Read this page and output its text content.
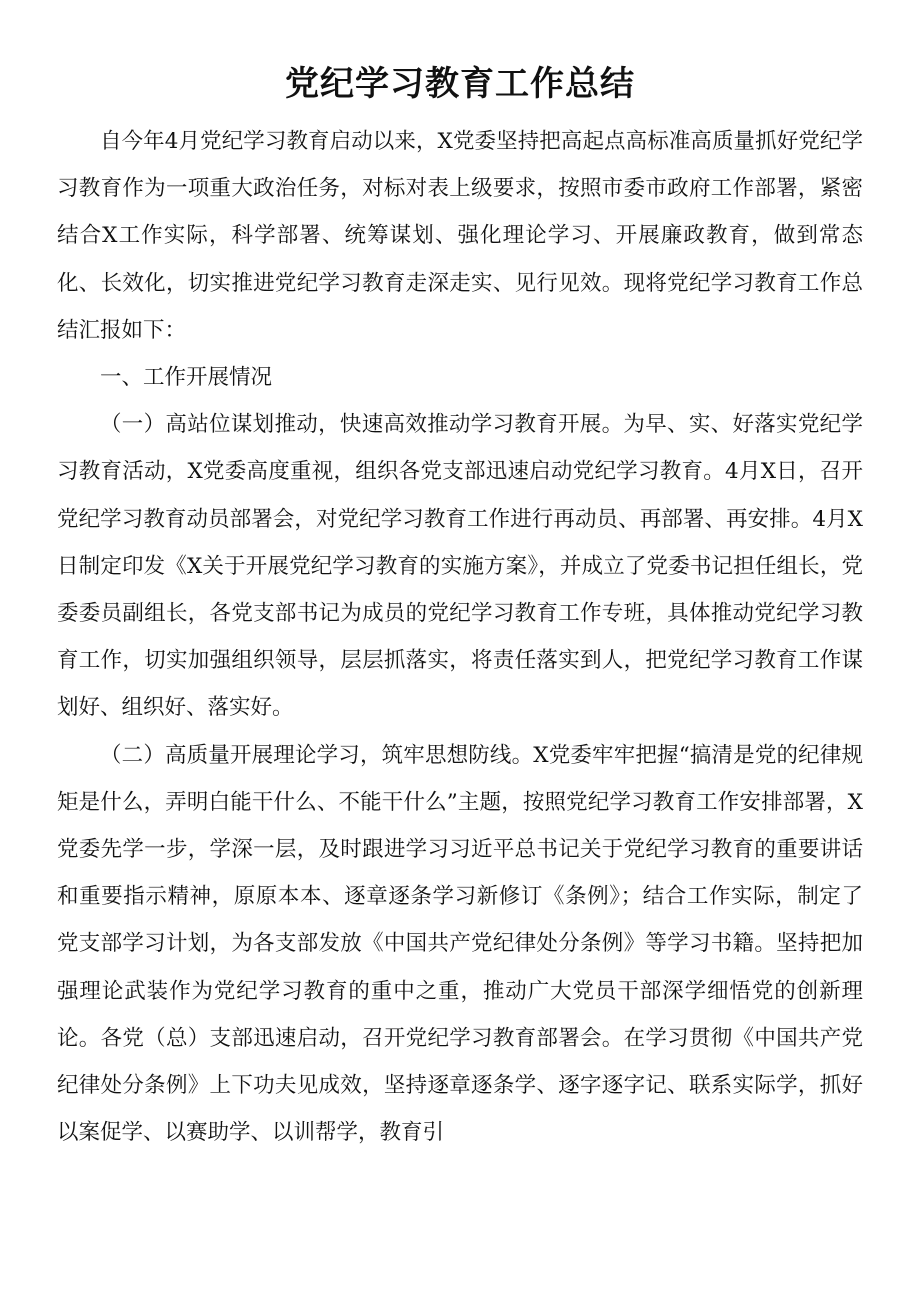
党纪学习教育工作总结

自今年4月党纪学习教育启动以来，X党委坚持把高起点高标准高质量抓好党纪学习教育作为一项重大政治任务，对标对表上级要求，按照市委市政府工作部署，紧密结合X工作实际，科学部署、统筹谋划、强化理论学习、开展廉政教育，做到常态化、长效化，切实推进党纪学习教育走深走实、见行见效。现将党纪学习教育工作总结汇报如下：

一、工作开展情况

（一）高站位谋划推动，快速高效推动学习教育开展。为早、实、好落实党纪学习教育活动，X党委高度重视，组织各党支部迅速启动党纪学习教育。4月X日，召开党纪学习教育动员部署会，对党纪学习教育工作进行再动员、再部署、再安排。4月X日制定印发《X关于开展党纪学习教育的实施方案》，并成立了党委书记担任组长，党委委员副组长，各党支部书记为成员的党纪学习教育工作专班，具体推动党纪学习教育工作，切实加强组织领导，层层抓落实，将责任落实到人，把党纪学习教育工作谋划好、组织好、落实好。

（二）高质量开展理论学习，筑牢思想防线。X党委牢牢把握“搞清是党的纪律规矩是什么，弄明白能干什么、不能干什么”主题，按照党纪学习教育工作安排部署，X党委先学一步，学深一层，及时跟进学习习近平总书记关于党纪学习教育的重要讲话和重要指示精神，原原本本、逐章逐条学习新修订《条例》；结合工作实际，制定了党支部学习计划，为各支部发放《中国共产党纪律处分条例》等学习书籍。坚持把加强理论武装作为党纪学习教育的重中之重，推动广大党员干部深学细悟党的创新理论。各党（总）支部迅速启动，召开党纪学习教育部署会。在学习贯彻《中国共产党纪律处分条例》上下功夫见成效，坚持逐章逐条学、逐字逐字记、联系实际学，抓好以案促学、以赛助学、以训帮学，教育引
